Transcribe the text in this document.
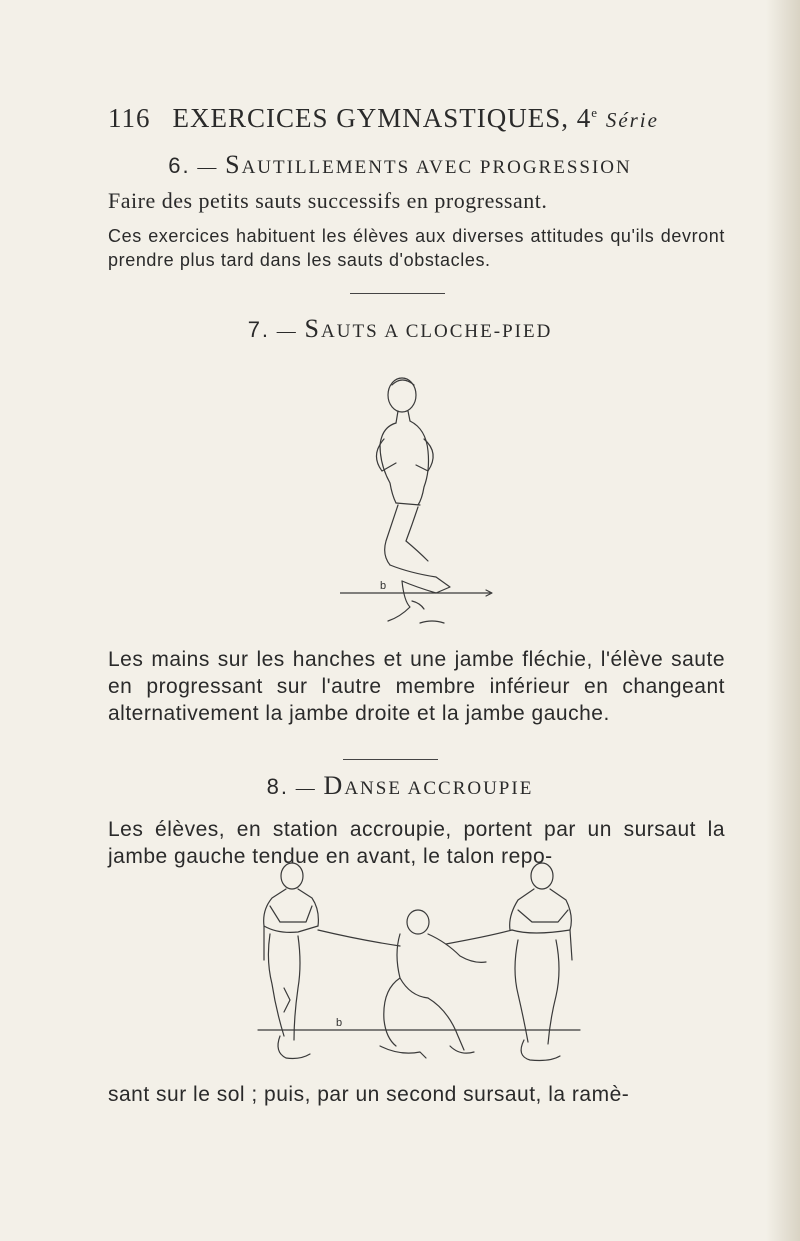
116 EXERCICES GYMNASTIQUES, 4e Série
6. — SAUTILLEMENTS AVEC PROGRESSION
Faire des petits sauts successifs en progressant.
Ces exercices habituent les élèves aux diverses attitudes qu'ils devront prendre plus tard dans les sauts d'obstacles.
7. — SAUTS A CLOCHE-PIED
b
Les mains sur les hanches et une jambe fléchie, l'élève saute en progressant sur l'autre membre inférieur en changeant alternativement la jambe droite et la jambe gauche.
8. — DANSE ACCROUPIE
Les élèves, en station accroupie, portent par un sursaut la jambe gauche tendue en avant, le talon repo-
b
sant sur le sol ; puis, par un second sursaut, la ramè-
